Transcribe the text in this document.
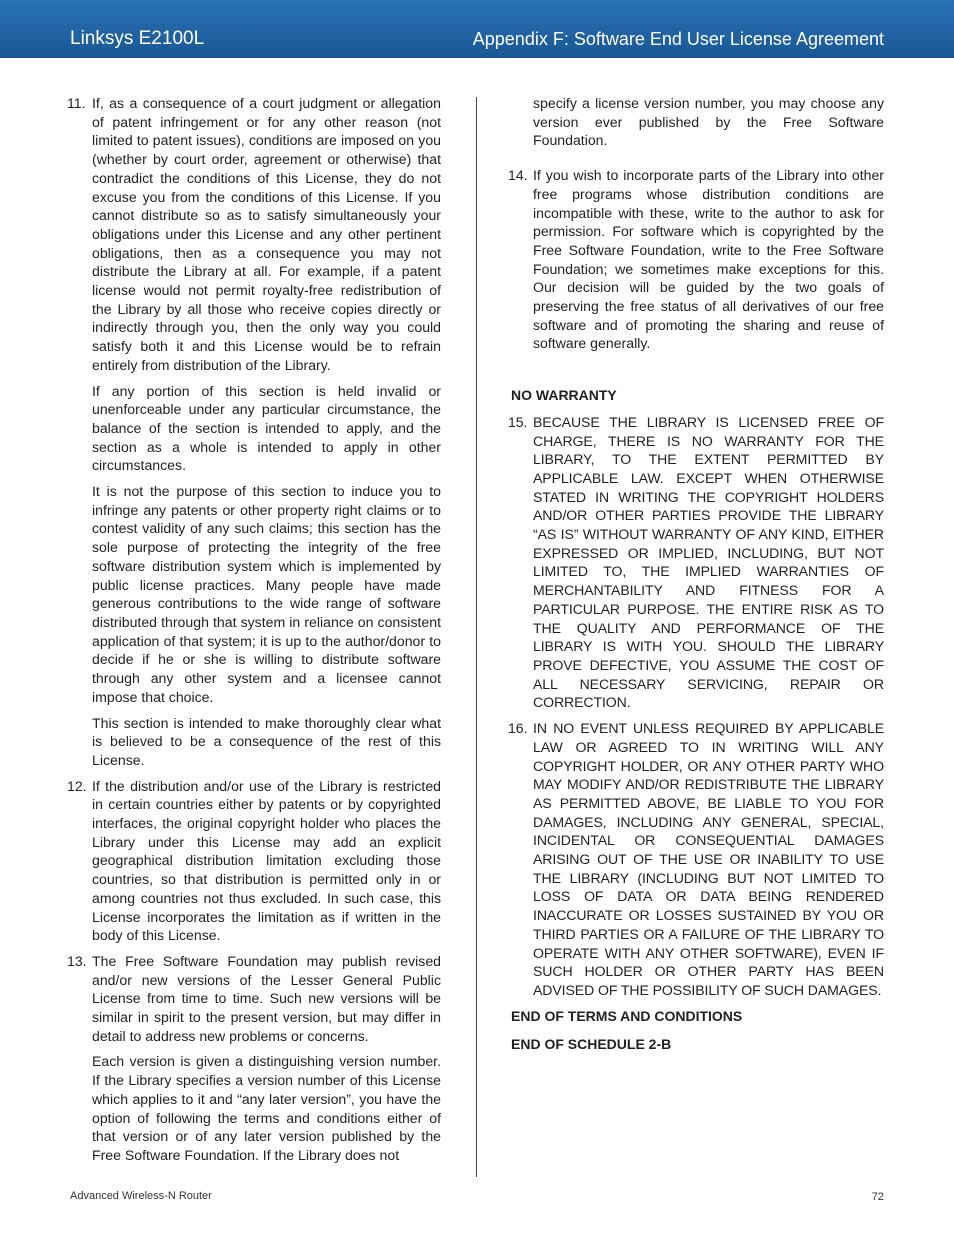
Linksys E2100L	Appendix F: Software End User License Agreement
11. If, as a consequence of a court judgment or allegation of patent infringement or for any other reason (not limited to patent issues), conditions are imposed on you (whether by court order, agreement or otherwise) that contradict the conditions of this License, they do not excuse you from the conditions of this License. If you cannot distribute so as to satisfy simultaneously your obligations under this License and any other pertinent obligations, then as a consequence you may not distribute the Library at all. For example, if a patent license would not permit royalty-free redistribution of the Library by all those who receive copies directly or indirectly through you, then the only way you could satisfy both it and this License would be to refrain entirely from distribution of the Library.
If any portion of this section is held invalid or unenforceable under any particular circumstance, the balance of the section is intended to apply, and the section as a whole is intended to apply in other circumstances.
It is not the purpose of this section to induce you to infringe any patents or other property right claims or to contest validity of any such claims; this section has the sole purpose of protecting the integrity of the free software distribution system which is implemented by public license practices. Many people have made generous contributions to the wide range of software distributed through that system in reliance on consistent application of that system; it is up to the author/donor to decide if he or she is willing to distribute software through any other system and a licensee cannot impose that choice.
This section is intended to make thoroughly clear what is believed to be a consequence of the rest of this License.
12. If the distribution and/or use of the Library is restricted in certain countries either by patents or by copyrighted interfaces, the original copyright holder who places the Library under this License may add an explicit geographical distribution limitation excluding those countries, so that distribution is permitted only in or among countries not thus excluded. In such case, this License incorporates the limitation as if written in the body of this License.
13. The Free Software Foundation may publish revised and/or new versions of the Lesser General Public License from time to time. Such new versions will be similar in spirit to the present version, but may differ in detail to address new problems or concerns.
Each version is given a distinguishing version number. If the Library specifies a version number of this License which applies to it and “any later version”, you have the option of following the terms and conditions either of that version or of any later version published by the Free Software Foundation. If the Library does not
specify a license version number, you may choose any version ever published by the Free Software Foundation.
14. If you wish to incorporate parts of the Library into other free programs whose distribution conditions are incompatible with these, write to the author to ask for permission. For software which is copyrighted by the Free Software Foundation, write to the Free Software Foundation; we sometimes make exceptions for this. Our decision will be guided by the two goals of preserving the free status of all derivatives of our free software and of promoting the sharing and reuse of software generally.
NO WARRANTY
15. BECAUSE THE LIBRARY IS LICENSED FREE OF CHARGE, THERE IS NO WARRANTY FOR THE LIBRARY, TO THE EXTENT PERMITTED BY APPLICABLE LAW. EXCEPT WHEN OTHERWISE STATED IN WRITING THE COPYRIGHT HOLDERS AND/OR OTHER PARTIES PROVIDE THE LIBRARY “AS IS” WITHOUT WARRANTY OF ANY KIND, EITHER EXPRESSED OR IMPLIED, INCLUDING, BUT NOT LIMITED TO, THE IMPLIED WARRANTIES OF MERCHANTABILITY AND FITNESS FOR A PARTICULAR PURPOSE. THE ENTIRE RISK AS TO THE QUALITY AND PERFORMANCE OF THE LIBRARY IS WITH YOU. SHOULD THE LIBRARY PROVE DEFECTIVE, YOU ASSUME THE COST OF ALL NECESSARY SERVICING, REPAIR OR CORRECTION.
16. IN NO EVENT UNLESS REQUIRED BY APPLICABLE LAW OR AGREED TO IN WRITING WILL ANY COPYRIGHT HOLDER, OR ANY OTHER PARTY WHO MAY MODIFY AND/OR REDISTRIBUTE THE LIBRARY AS PERMITTED ABOVE, BE LIABLE TO YOU FOR DAMAGES, INCLUDING ANY GENERAL, SPECIAL, INCIDENTAL OR CONSEQUENTIAL DAMAGES ARISING OUT OF THE USE OR INABILITY TO USE THE LIBRARY (INCLUDING BUT NOT LIMITED TO LOSS OF DATA OR DATA BEING RENDERED INACCURATE OR LOSSES SUSTAINED BY YOU OR THIRD PARTIES OR A FAILURE OF THE LIBRARY TO OPERATE WITH ANY OTHER SOFTWARE), EVEN IF SUCH HOLDER OR OTHER PARTY HAS BEEN ADVISED OF THE POSSIBILITY OF SUCH DAMAGES.
END OF TERMS AND CONDITIONS
END OF SCHEDULE 2-B
Advanced Wireless-N Router	72
